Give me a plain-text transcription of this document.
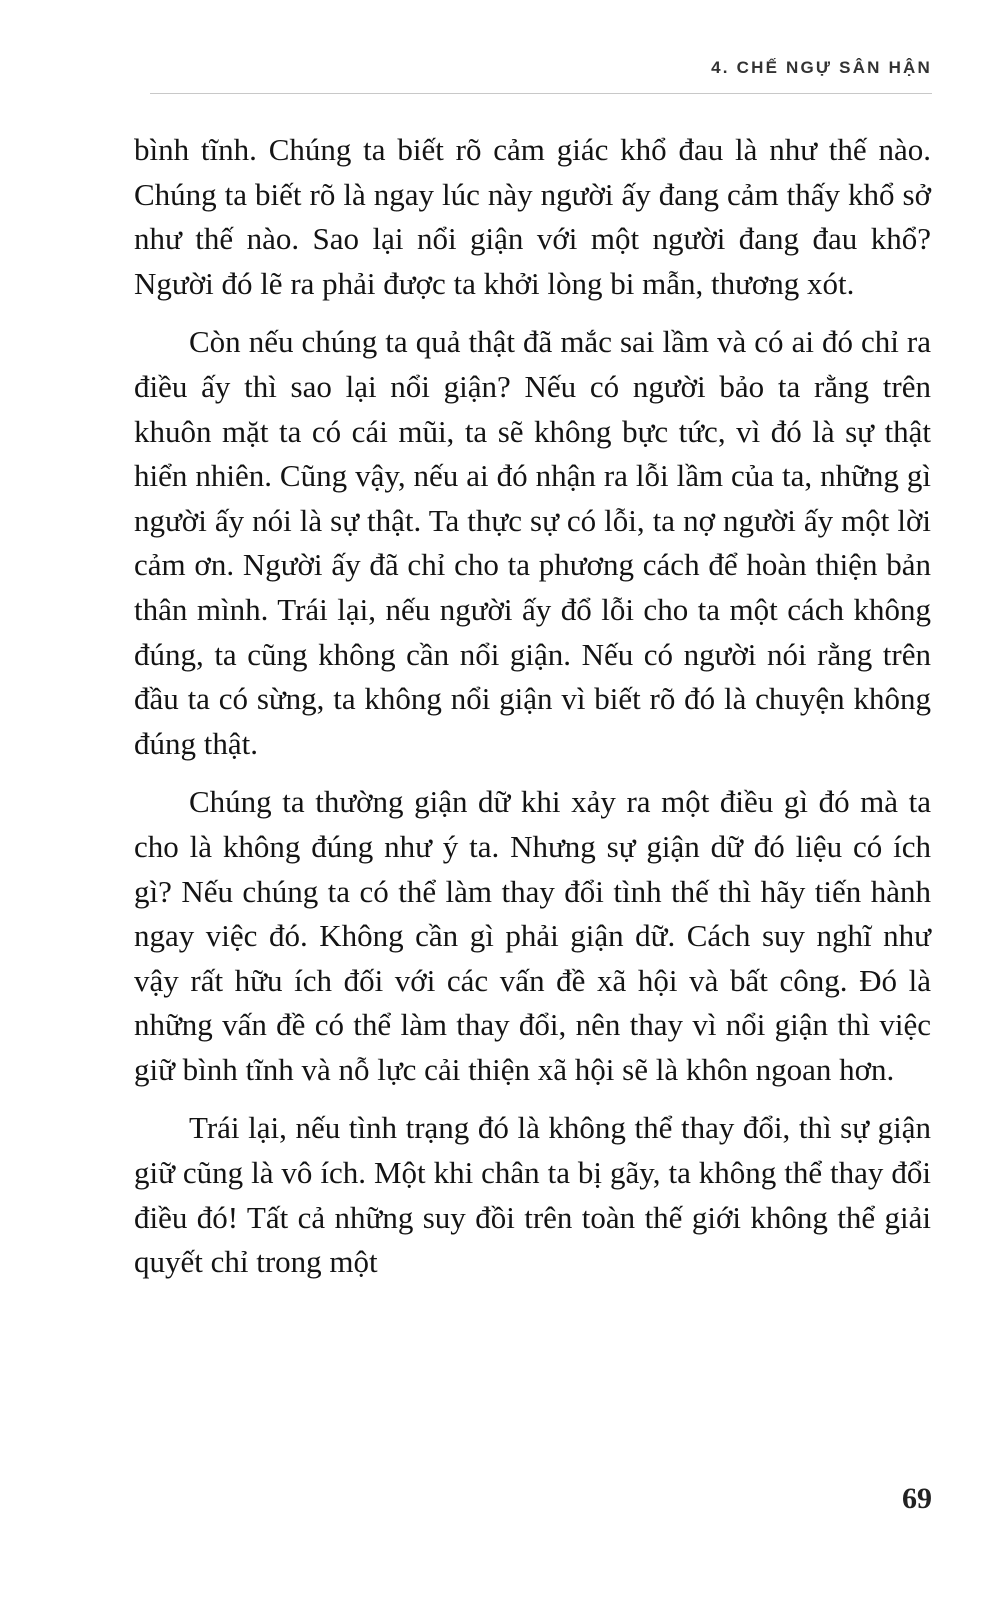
4. CHẾ NGỰ SÂN HẬN

bình tĩnh. Chúng ta biết rõ cảm giác khổ đau là như thế nào. Chúng ta biết rõ là ngay lúc này người ấy đang cảm thấy khổ sở như thế nào. Sao lại nổi giận với một người đang đau khổ? Người đó lẽ ra phải được ta khởi lòng bi mẫn, thương xót.

Còn nếu chúng ta quả thật đã mắc sai lầm và có ai đó chỉ ra điều ấy thì sao lại nổi giận? Nếu có người bảo ta rằng trên khuôn mặt ta có cái mũi, ta sẽ không bực tức, vì đó là sự thật hiển nhiên. Cũng vậy, nếu ai đó nhận ra lỗi lầm của ta, những gì người ấy nói là sự thật. Ta thực sự có lỗi, ta nợ người ấy một lời cảm ơn. Người ấy đã chỉ cho ta phương cách để hoàn thiện bản thân mình. Trái lại, nếu người ấy đổ lỗi cho ta một cách không đúng, ta cũng không cần nổi giận. Nếu có người nói rằng trên đầu ta có sừng, ta không nổi giận vì biết rõ đó là chuyện không đúng thật.

Chúng ta thường giận dữ khi xảy ra một điều gì đó mà ta cho là không đúng như ý ta. Nhưng sự giận dữ đó liệu có ích gì? Nếu chúng ta có thể làm thay đổi tình thế thì hãy tiến hành ngay việc đó. Không cần gì phải giận dữ. Cách suy nghĩ như vậy rất hữu ích đối với các vấn đề xã hội và bất công. Đó là những vấn đề có thể làm thay đổi, nên thay vì nổi giận thì việc giữ bình tĩnh và nỗ lực cải thiện xã hội sẽ là khôn ngoan hơn.

Trái lại, nếu tình trạng đó là không thể thay đổi, thì sự giận giữ cũng là vô ích. Một khi chân ta bị gãy, ta không thể thay đổi điều đó! Tất cả những suy đồi trên toàn thế giới không thể giải quyết chỉ trong một

69
